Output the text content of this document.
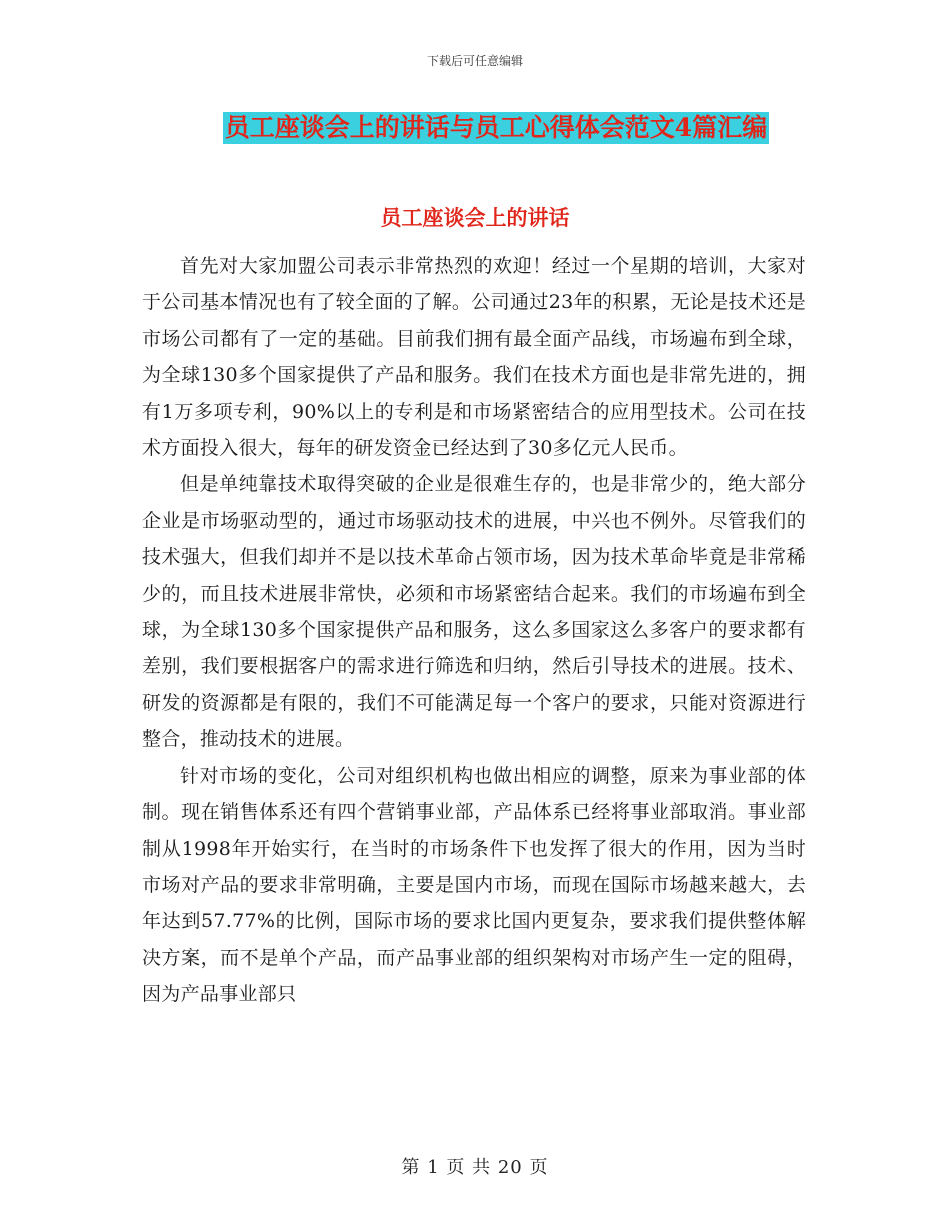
下载后可任意编辑
员工座谈会上的讲话与员工心得体会范文4篇汇编
员工座谈会上的讲话

首先对大家加盟公司表示非常热烈的欢迎！经过一个星期的培训，大家对于公司基本情况也有了较全面的了解。公司通过23年的积累，无论是技术还是市场公司都有了一定的基础。目前我们拥有最全面产品线，市场遍布到全球，为全球130多个国家提供了产品和服务。我们在技术方面也是非常先进的，拥有1万多项专利，90%以上的专利是和市场紧密结合的应用型技术。公司在技术方面投入很大，每年的研发资金已经达到了30多亿元人民币。

但是单纯靠技术取得突破的企业是很难生存的，也是非常少的，绝大部分企业是市场驱动型的，通过市场驱动技术的进展，中兴也不例外。尽管我们的技术强大，但我们却并不是以技术革命占领市场，因为技术革命毕竟是非常稀少的，而且技术进展非常快，必须和市场紧密结合起来。我们的市场遍布到全球，为全球130多个国家提供产品和服务，这么多国家这么多客户的要求都有差别，我们要根据客户的需求进行筛选和归纳，然后引导技术的进展。技术、研发的资源都是有限的，我们不可能满足每一个客户的要求，只能对资源进行整合，推动技术的进展。

针对市场的变化，公司对组织机构也做出相应的调整，原来为事业部的体制。现在销售体系还有四个营销事业部，产品体系已经将事业部取消。事业部制从1998年开始实行，在当时的市场条件下也发挥了很大的作用，因为当时市场对产品的要求非常明确，主要是国内市场，而现在国际市场越来越大，去年达到57.77%的比例，国际市场的要求比国内更复杂，要求我们提供整体解决方案，而不是单个产品，而产品事业部的组织架构对市场产生一定的阻碍，因为产品事业部只

第 1 页 共 20 页
